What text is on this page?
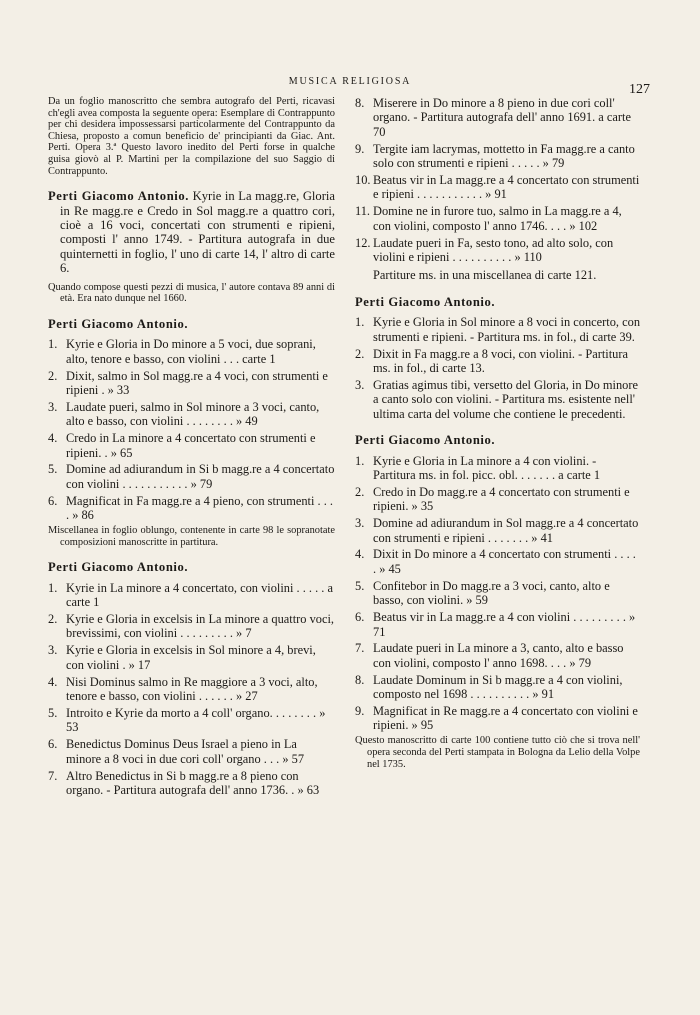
MUSICA RELIGIOSA
127

Da un foglio manoscritto che sembra autografo del Perti, ricavasi ch'egli avea composta la seguente opera: Esemplare di Contrappunto per chi desidera impossessarsi particolarmente del Contrappunto da Chiesa, proposto a comun beneficio de' principianti da Giac. Ant. Perti. Opera 3.ª Questo lavoro inedito del Perti forse in qualche guisa giovò al P. Martini per la compilazione del suo Saggio di Contrappunto.

Perti Giacomo Antonio. Kyrie in La magg.re, Gloria in Re magg.re e Credo in Sol magg.re a quattro cori, cioè a 16 voci, concertati con strumenti e ripieni, composti l' anno 1749. - Partitura autografa in due quinternetti in foglio, l' uno di carte 14, l' altro di carte 6.

Quando compose questi pezzi di musica, l' autore contava 89 anni di età. Era nato dunque nel 1660.

Perti Giacomo Antonio.
1. Kyrie e Gloria in Do minore a 5 voci, due soprani, alto, tenore e basso, con violini . . . carte 1
2. Dixit, salmo in Sol magg.re a 4 voci, con strumenti e ripieni . » 33
3. Laudate pueri, salmo in Sol minore a 3 voci, canto, alto e basso, con violini . . . . . . . . » 49
4. Credo in La minore a 4 concertato con strumenti e ripieni. . » 65
5. Domine ad adiurandum in Si b magg.re a 4 concertato con violini . . . . . . . . . . . » 79
6. Magnificat in Fa magg.re a 4 pieno, con strumenti . . . . » 86

Miscellanea in foglio oblungo, contenente in carte 98 le sopranotate composizioni manoscritte in partitura.

Perti Giacomo Antonio.
1. Kyrie in La minore a 4 concertato, con violini . . . . . a carte 1
2. Kyrie e Gloria in excelsis in La minore a quattro voci, brevissimi, con violini . . . . . . . . . » 7
3. Kyrie e Gloria in excelsis in Sol minore a 4, brevi, con violini . » 17
4. Nisi Dominus salmo in Re maggiore a 3 voci, alto, tenore e basso, con violini . . . . . . » 27
5. Introito e Kyrie da morto a 4 coll' organo. . . . . . . . » 53
6. Benedictus Dominus Deus Israel a pieno in La minore a 8 voci in due cori coll' organo . . . » 57
7. Altro Benedictus in Si b magg.re a 8 pieno con organo. - Partitura autografa dell' anno 1736. . » 63
8. Miserere in Do minore a 8 pieno in due cori coll' organo. - Partitura autografa dell' anno 1691. a carte 70
9. Tergite iam lacrymas, mottetto in Fa magg.re a canto solo con strumenti e ripieni . . . . . » 79
10. Beatus vir in La magg.re a 4 concertato con strumenti e ripieni . . . . . . . . . . . » 91
11. Domine ne in furore tuo, salmo in La magg.re a 4, con violini, composto l' anno 1746. . . . » 102
12. Laudate pueri in Fa, sesto tono, ad alto solo, con violini e ripieni . . . . . . . . . . » 110

Partiture ms. in una miscellanea di carte 121.

Perti Giacomo Antonio.
1. Kyrie e Gloria in Sol minore a 8 voci in concerto, con strumenti e ripieni. - Partitura ms. in fol., di carte 39.
2. Dixit in Fa magg.re a 8 voci, con violini. - Partitura ms. in fol., di carte 13.
3. Gratias agimus tibi, versetto del Gloria, in Do minore a canto solo con violini. - Partitura ms. esistente nell' ultima carta del volume che contiene le precedenti.
Perti Giacomo Antonio.
1. Kyrie e Gloria in La minore a 4 con violini. - Partitura ms. in fol. picc. obl. . . . . . . a carte 1
2. Credo in Do magg.re a 4 concertato con strumenti e ripieni. » 35
3. Domine ad adiurandum in Sol magg.re a 4 concertato con strumenti e ripieni . . . . . . . » 41
4. Dixit in Do minore a 4 concertato con strumenti . . . . . » 45
5. Confitebor in Do magg.re a 3 voci, canto, alto e basso, con violini. » 59
6. Beatus vir in La magg.re a 4 con violini . . . . . . . . . » 71
7. Laudate pueri in La minore a 3, canto, alto e basso con violini, composto l' anno 1698. . . . » 79
8. Laudate Dominum in Si b magg.re a 4 con violini, composto nel 1698 . . . . . . . . . . » 91
9. Magnificat in Re magg.re a 4 concertato con violini e ripieni. » 95

Questo manoscritto di carte 100 contiene tutto ciò che si trova nell' opera seconda del Perti stampata in Bologna da Lelio della Volpe nel 1735.
